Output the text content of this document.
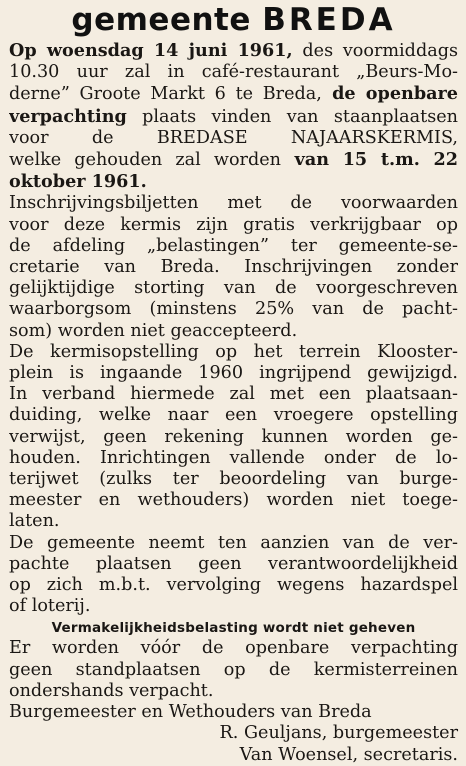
gemeente BREDA
Op woensdag 14 juni 1961, des voormiddags
10.30 uur zal in café-restaurant „Beurs-Mo-
derne” Groote Markt 6 te Breda, de openbare
verpachting plaats vinden van staanplaatsen
voor de BREDASE NAJAARSKERMIS,
welke gehouden zal worden van 15 t.m. 22
oktober 1961.
Inschrijvingsbiljetten met de voorwaarden
voor deze kermis zijn gratis verkrijgbaar op
de afdeling „belastingen” ter gemeente-se-
cretarie van Breda. Inschrijvingen zonder
gelijktijdige storting van de voorgeschreven
waarborgsom (minstens 25% van de pacht-
som) worden niet geaccepteerd.
De kermisopstelling op het terrein Klooster-
plein is ingaande 1960 ingrijpend gewijzigd.
In verband hiermede zal met een plaatsaan-
duiding, welke naar een vroegere opstelling
verwijst, geen rekening kunnen worden ge-
houden. Inrichtingen vallende onder de lo-
terijwet (zulks ter beoordeling van burge-
meester en wethouders) worden niet toege-
laten.
De gemeente neemt ten aanzien van de ver-
pachte plaatsen geen verantwoordelijkheid
op zich m.b.t. vervolging wegens hazardspel
of loterij.
Vermakelijkheidsbelasting wordt niet geheven
Er worden vóór de openbare verpachting
geen standplaatsen op de kermisterreinen
ondershands verpacht.
Burgemeester en Wethouders van Breda
R. Geuljans, burgemeester
Van Woensel, secretaris.
